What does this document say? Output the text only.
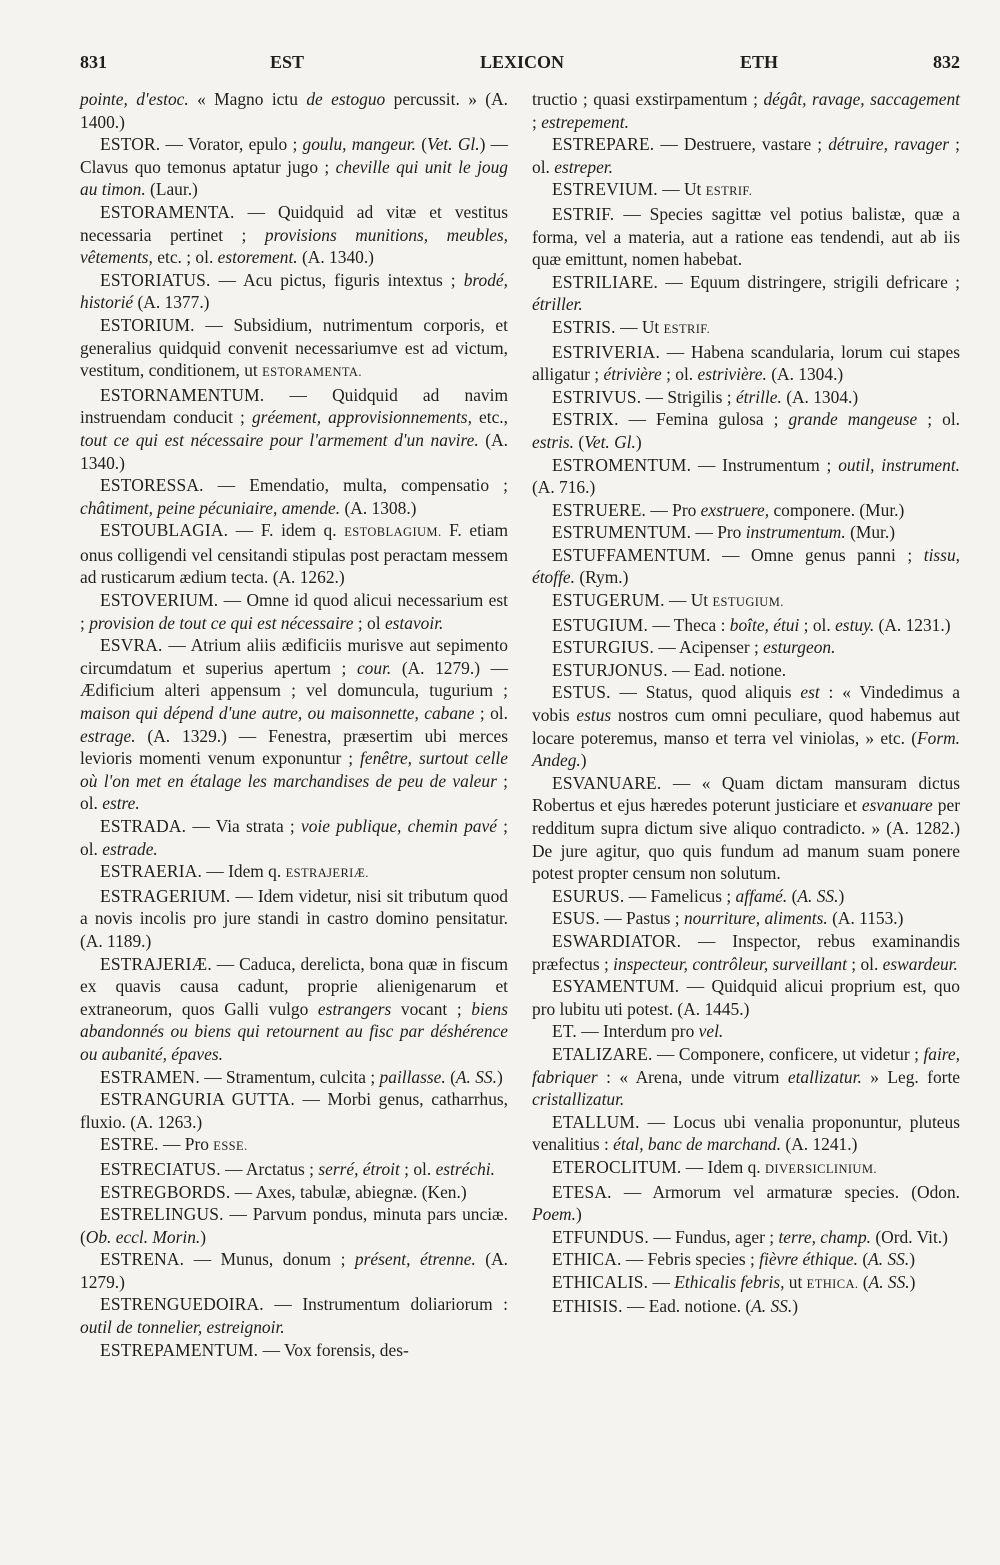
831	EST	LEXICON	ETH	832

pointe, d'estoc. « Magno ictu de estoguo percussit. » (A. 1400.)

ESTOR. — Vorator, epulo ; goulu, mangeur. (Vet. Gl.) — Clavus quo temonus aptatur jugo ; cheville qui unit le joug au timon. (Laur.)

ESTORAMENTA. — Quidquid ad vitæ et vestitus necessaria pertinet ; provisions munitions, meubles, vêtements, etc. ; ol. estorement. (A. 1340.)

ESTORIATUS. — Acu pictus, figuris intextus ; brodé, historié (A. 1377.)

ESTORIUM. — Subsidium, nutrimentum corporis, et generalius quidquid convenit necessariumve est ad victum, vestitum, conditionem, ut ESTORAMENTA.

ESTORNAMENTUM. — Quidquid ad navim instruendam conducit ; gréement, approvisionnements, etc., tout ce qui est nécessaire pour l'armement d'un navire. (A. 1340.)

ESTORESSA. — Emendatio, multa, compensatio ; châtiment, peine pécuniaire, amende. (A. 1308.)

ESTOUBLAGIA. — F. idem q. ESTOBLAGIUM. F. etiam onus colligendi vel censitandi stipulas post peractam messem ad rusticarum ædium tecta. (A. 1262.)

ESTOVERIUM. — Omne id quod alicui necessarium est ; provision de tout ce qui est nécessaire ; ol estavoir.

ESVRA. — Atrium aliis ædificiis murisve aut sepimento circumdatum et superius apertum ; cour. (A. 1279.) — Ædificium alteri appensum ; vel domuncula, tugurium ; maison qui dépend d'une autre, ou maisonnette, cabane ; ol. estrage. (A. 1329.) — Fenestra, præsertim ubi merces levioris momenti venum exponuntur ; fenêtre, surtout celle où l'on met en étalage les marchandises de peu de valeur ; ol. estre.

ESTRADA. — Via strata ; voie publique, chemin pavé ; ol. estrade.

ESTRAERIA. — Idem q. ESTRAJERIÆ.

ESTRAGERIUM. — Idem videtur, nisi sit tributum quod a novis incolis pro jure standi in castro domino pensitatur. (A. 1189.)

ESTRAJERIÆ. — Caduca, derelicta, bona quæ in fiscum ex quavis causa cadunt, proprie alienigenarum et extraneorum, quos Galli vulgo estrangers vocant ; biens abandonnés ou biens qui retournent au fisc par déshérence ou aubanité, épaves.

ESTRAMEN. — Stramentum, culcita ; paillasse. (A. SS.)

ESTRANGURIA GUTTA. — Morbi genus, catharrhus, fluxio. (A. 1263.)

ESTRE. — Pro ESSE.

ESTRECIATUS. — Arctatus ; serré, étroit ; ol. estréchi.

ESTREGBORDS. — Axes, tabulæ, abiegnæ. (Ken.)

ESTRELINGUS. — Parvum pondus, minuta pars unciæ. (Ob. eccl. Morin.)

ESTRENA. — Munus, donum ; présent, étrenne. (A. 1279.)

ESTRENGUEDOIRA. — Instrumentum doliariorum : outil de tonnelier, estreignoir.

ESTREPAMENTUM. — Vox forensis, des-

tructio ; quasi exstirpamentum ; dégât, ravage, saccagement ; estrepement.

ESTREPARE. — Destruere, vastare ; détruire, ravager ; ol. estreper.

ESTREVIUM. — Ut ESTRIF.

ESTRIF. — Species sagittæ vel potius balistæ, quæ a forma, vel a materia, aut a ratione eas tendendi, aut ab iis quæ emittunt, nomen habebat.

ESTRILIARE. — Equum distringere, strigili defricare ; étriller.

ESTRIS. — Ut ESTRIF.

ESTRIVERIA. — Habena scandularia, lorum cui stapes alligatur ; étrivière ; ol. estrivière. (A. 1304.)

ESTRIVUS. — Strigilis ; étrille. (A. 1304.)

ESTRIX. — Femina gulosa ; grande mangeuse ; ol. estris. (Vet. Gl.)

ESTROMENTUM. — Instrumentum ; outil, instrument. (A. 716.)

ESTRUERE. — Pro exstruere, componere. (Mur.)

ESTRUMENTUM. — Pro instrumentum. (Mur.)

ESTUFFAMENTUM. — Omne genus panni ; tissu, étoffe. (Rym.)

ESTUGERUM. — Ut ESTUGIUM.

ESTUGIUM. — Theca : boîte, étui ; ol. estuy. (A. 1231.)

ESTURGIUS. — Acipenser ; esturgeon.

ESTURJONUS. — Ead. notione.

ESTUS. — Status, quod aliquis est : « Vindedimus a vobis estus nostros cum omni peculiare, quod habemus aut locare poteremus, manso et terra vel viniolas, » etc. (Form. Andeg.)

ESVANUARE. — « Quam dictam mansuram dictus Robertus et ejus hæredes poterunt justiciare et esvanuare per redditum supra dictum sive aliquo contradicto. » (A. 1282.) De jure agitur, quo quis fundum ad manum suam ponere potest propter censum non solutum.

ESURUS. — Famelicus ; affamé. (A. SS.)

ESUS. — Pastus ; nourriture, aliments. (A. 1153.)

ESWARDIATOR. — Inspector, rebus examinandis præfectus ; inspecteur, contrôleur, surveillant ; ol. eswardeur.

ESYAMENTUM. — Quidquid alicui proprium est, quo pro lubitu uti potest. (A. 1445.)

ET. — Interdum pro vel.

ETALIZARE. — Componere, conficere, ut videtur ; faire, fabriquer : « Arena, unde vitrum etallizatur. » Leg. forte cristallizatur.

ETALLUM. — Locus ubi venalia proponuntur, pluteus venalitius : étal, banc de marchand. (A. 1241.)

ETEROCLITUM. — Idem q. DIVERSICLINIUM.

ETESA. — Armorum vel armaturæ species. (Odon. Poem.)

ETFUNDUS. — Fundus, ager ; terre, champ. (Ord. Vit.)

ETHICA. — Febris species ; fièvre éthique. (A. SS.)

ETHICALIS. — Ethicalis febris, ut ETHICA. (A. SS.)

ETHISIS. — Ead. notione. (A. SS.)
